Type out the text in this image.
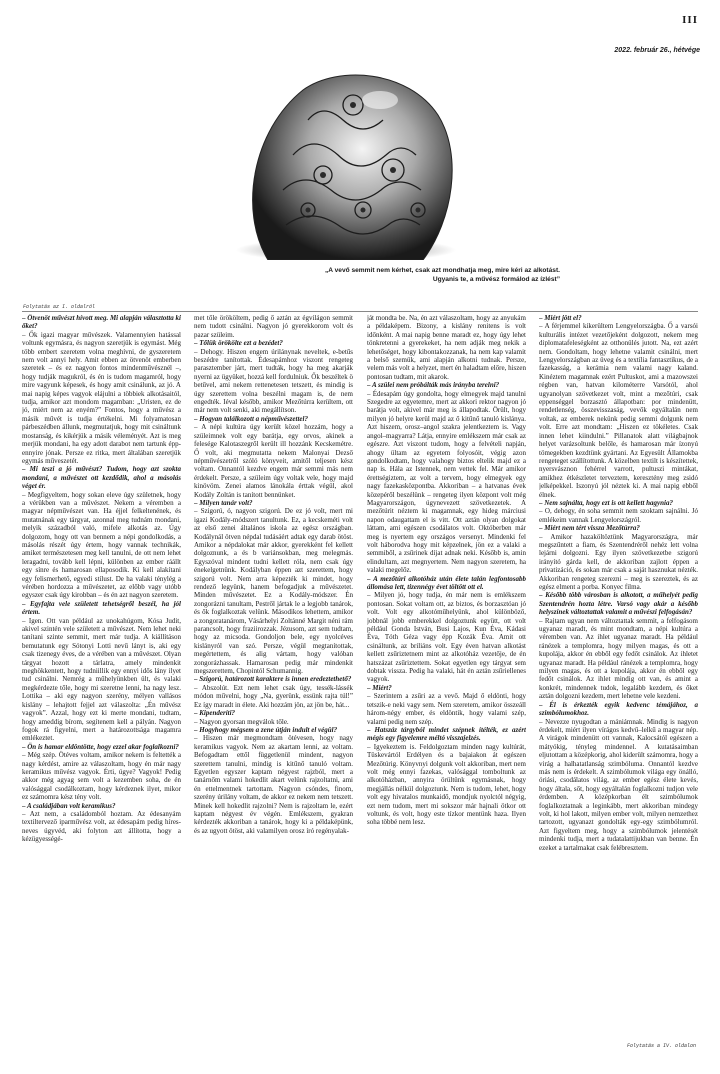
III
2022. február 26., hétvége
„A vevő semmit nem kérhet, csak azt mondhatja meg, mire kéri az alkotást.
Ugyanis te, a művész formálod az ízlést”
Folytatás az I. oldalról

– Ötvenöt művészt hívott meg. Mi alapján választotta ki őket?

– Ők igazi magyar művészek. Valamennyien hatással voltunk egymásra, és nagyon szeretjük is egymást. Még több embert szeretem volna meghívni, de gyszeretem nem volt annyi hely. Amit ebben az ötvenöt emberben szeretek – és ez nagyon fontos mindenművésznél –, hogy tudják magukról, és én is tudom magamról, hogy mire vagyunk képesek, és hogy amit csinálunk, az jó. A mai napig képes vagyok elájulni a többiek alkotásaitól, tudja, amikor azt mondom magamban: „Uristen, ez de jó, miért nem az enyém?” Fontos, hogy a művész a másik művét is tudja értékelni. Mi folyamatosan párbeszédben állunk, megmutatjuk, hogy mit csináltunk mostanság, és kikérjük a másik véleményét. Azt is meg merjük mondani, ha egy adott darabot nem tartunk épp-ennyire jónak. Persze ez ritka, mert általában szeretjük egymás műveszetét.

– Mi teszi a jó művészt? Tudom, hogy azt szokta mondani, a művészet ott kezdődik, ahol a másolás véget ér.

– Megfigyeltem, hogy sokan eleve úgy születnek, hogy a vérükben van a művészet. Nekem a véremben a magyar népművészet van. Ha éjjel felkeltenének, és mutatnának egy tárgyat, azonnal meg tudnám mondani, melyik századból való, mifele alkotás az. Úgy dolgozom, hogy ott van bennem a népi gondolkodás, a másolás részét úgy értem, hogy vannak technikák, amiket természetesen meg kell tanulni, de ott nem lehet leragadni, tovább kell lépni, különben az ember ráállt egy sínre és hamarosan ellaposodik. Ki kell alakítani egy felismerhető, egyedi stílust. De ha valaki ténylég a vérében hordozza a művészetet, az előbb vagy utóbb egyszer csak úgy kirobban – és én azt nagyon szeretem.

– Egyfajta vele született tehetségről beszél, ha jól értem.

– Igen. Ott van például az unokahúgom, Kósa Judit, akivel szintén vele született a művészet. Nem lehet neki tanítani szinte semmit, mert már tudja. A kiállításon bemutatunk egy Sótonyi Lotti nevű lányt is, aki egy csak tizenegy éves, de a vérében van a művészet. Olyan tárgyat hozott a tárlatra, amely mindenkit meghökkentett, hogy tudniillik egy ennyi idős lány ilyet tud csinálni. Nemrég a műhelyünkben ült, és valaki megkérdezte tőle, hogy mi szeretne lenni, ha nagy lesz. Lottika – aki egy nagyon szerény, mélyen vallásos kislány – lehajtott fejjel azt válaszolta: „Én művész vagyok”. Azzal, hogy ezt ki merte mondani, tudtam, hogy ameddig bírom, segítenem kell a pályán. Nagyon fogok rá figyelni, mert a határozottsága magamra emlékeztet.

– Ön is hamar eldöntötte, hogy ezzel akar foglalkozni?

– Még szép. Ötéves voltam, amikor nekem is feltették a nagy kérdést, amire az válaszoltam, hogy én már nagy keramikus művész vagyok. Érti, úgye? Vagyok! Pedig akkor még agyag sem volt a kezemben soha, de én valósággal csodálkoztam, hogy kérdeznek ilyet, mikor ez számomra kész tény volt.

– A családjában volt keramikus?

– Azt nem, a családomból hoztam. Az édesanyám textiltervező iparművész volt, az édesapám pedig híres-neves úgyvéd, aki folyton azt állította, hogy a kézügyességé-

met tőle örököltem, pedig ő aztán az égvilágon semmit nem tudott csinálni. Nagyon jó gyerekkorom volt és pazar szüleim.

– Tőlük örökölte ezt a bezédet?

– Dehogy. Hiszen engem úrilánynak neveltek, e-betűs beszédre tanítottak. Édesapámhoz viszont rengeteg parasztember járt, mert tudták, hogy ha meg akarják nyerni az ügyüket, hozzá kell fordulniuk. Ők beszéltek ö betűvel, ami nekem rettenetesen tetszett, és mindig is úgy szerettem volna beszélni magam is, de nem engedték. Iéval később, amikor Mezőtúrra kerültem, ott már nem volt senki, aki megállítson.

– Hogyan találkozott a népművészettel?

– A népi kultúra úgy került közel hozzám, hogy a szüleimnek volt egy barátja, egy orvos, akinek a felesége Kalotaszegről került ill hozzánk Kecskemétre. Ő volt, aki megmutatta nekem Malonyai Dezső népművészetről szóló könyveit, amitől teljesen kész voltam. Onnantól kezdve engem már semmi más nem érdekelt. Persze, a szüleim úgy voltak vele, hogy majd kinövöm. Zenei alamos lánokála érttak végül, akol Kodály Zoltán is tanított bennünket.

– Milyen tanár volt?

– Szigorú, ó, nagyon szigorú. De ez jó volt, mert mi igazi Kodály-módszert tanultunk. Ez, a kecskeméti volt az első zenei általános iskola az egész országban. Kodálynál ötven népdal tudásáért adtak egy darab ötöst. Amikor a népdalokat már akkor, gyerekként fel kellett dolgoznunk, a és b variánsokban, meg melegmás. Egyszóval mindent tudni kellett róla, nem csak úgy énekelgetnünk. Kodályban éppen azt szerettem, hogy szigorú volt. Nem arra képezték ki mindet, hogy rendező legyünk, hanem befogadjuk a művészetet. Minden művészetet. Ez a Kodály-módszer. Én zongorázni tanultam, Pestről jártak le a legjobb tanárok, és ők foglalkoztak velünk. Másodikos lehettem, amikor a zongoratanárom, Vásárhelyi Zoltánné Margit néni rám parancsolt, hogy fraziirozzak. Jézusom, azt sem tudtam, hogy az micsoda. Gondoljon bele, egy nyolcéves kislányról van szó. Persze, végül megtanítottak, megértettem, és alig vártam, hogy valóban zongorázhassak. Hamarosan pedig már mindenkit megszerettem, Chopintól Schumannig.

– Szigorú, határozott karaktere is innen eredeztethető?

– Abszolút. Ezt nem lehet csak úgy, tessék-lássék módon művelni, hogy „Na, gyerünk, essünk rajta túl!” Ez így maradt in élete. Aki hozzám jön, az jön be, hát...

– Kipenderíti?

– Nagyon gyorsan megválok tőle.

– Hogyhogy mégsem a zene útján indult el végül?

– Hiszen már megmondtam ötévesen, hogy nagy keramikus vagyok. Nem az akartam lenni, az voltam. Befogadtam ettől függetlenül mindent, nagyon szerettem tanulni, mindig is kitűnő tanuló voltam. Egyetlen egyszer kaptam négyest rajzból, mert a tanárnőm valami hokedlit akart velünk rajzoltatni, ami én ettelmentnek tartottam. Nagyon csóndes, finom, szerény úrilány voltam, de akkor ez nekem nem tetszett. Minek kell hokedlit rajzolni? Nem is rajzoltam le, ezért kaptam négyest év végén. Emlékszem, gyakran kérdezték akkoriban a tanárok, hogy ki a példaképünk, és az ugyott ötöst, aki valamilyen orosz író regényalak-

ját mondta be. Na, én azt válaszoltam, hogy az anyukám a példaképem. Bizony, a kislány renitens is volt időnként. A mai napig benne maradt ez, hogy úgy lehet tönkretenni a gyerekeket, ha nem adják meg nekik a lehetőséget, hogy kibontakozzanak, ha nem kap valamit a belső szemük, ami alapján alkotni tudnak. Persze, velem más volt a helyzet, mert én haladtam előre, hiszen pontosan tudtam, mit akarok.

– A szülei nem próbálták más irányba terelni?

– Édesapám úgy gondolta, hogy elmegyek majd tanulni Szegedre az egyetemre, mert az akkori rektor nagyon jó barátja volt, akivel már meg is állapodtak. Örült, hogy milyen jó helyre kerül majd az ő kitűnő tanuló kislánya. Azt hiszem, orosz–angol szakra jelentkeztem is. Vagy angol–magyarra? Látja, ennyire emlékszem már csak az egészre. Azt viszont tudom, hogy a felvételi napján, ahogy ültam az egyetem folyosóit, végig azon gondolkodtam, hogy valahogy biztos eltelik majd ez a nap is. Hála az Istennek, nem vettek fel. Már amikor érettségiztem, az volt a tervem, hogy elmegyek egy nagy fazekasközpontba. Akkoriban – a hatvanas évek közepéről beszélünk – rengeteg ilyen központ volt még Magyarországon, úgynevezett szövetkezetek. A mezőtúrit néztem ki magamnak, egy hideg márciusi napon odaugattam el is vitt. Ott aztán olyan dolgokat láttam, ami egészen csodálatos volt. Októberben már meg is nyertem egy országos versenyt. Mindenki fel volt háborodva hogy mit képzelnek, jön ez a valaki a semmiből, a zsűrinek díjat adnak neki. Később is, amin elindultam, azt megnyertem. Nem nagyon szeretem, ha valaki megelőz.

– A mezőtúri alkotóház után élete talán legfontosabb állomása lett, tizennégy évet töltött ott el.

– Milyen jó, hogy tudja, én már nem is emlékszem pontosan. Sokat voltam ott, az biztos, és borzasztóan jó volt. Volt egy alkotóműhelyünk, ahol különböző, jobbnál jobb emberekkel dolgoztunk együtt, ott volt például Gonda István, Busi Lajos, Kun Éva, Kádasi Éva, Tóth Géza vagy épp Kozák Éva. Amit ott csináltunk, az briliáns volt. Egy éven hatvan alkotást kellett zsűriztetnem mint az alkotóház vezetője, de én hatszázat zsűriztettem. Sokat egyetlen egy tárgyat sem dobtak vissza. Pedig ha valaki, hát én aztán zsűriellenes vagyok.

– Miért?

– Szerintem a zsűri az a vevő. Majd ő eldönti, hogy tetszik-e neki vagy sem. Nem szeretem, amikor összeáll három-négy ember, és eldöntik, hogy valami szép, valami pedig nem szép.

– Hatszáz tárgyból mindet szépnek ítélték, ez azért mégis egy figyelemre méltó visszajelzés.

– Igyekeztem is. Feldolgoztam minden nagy kultúrát, Tüskevártól Erdélyen és a bajaiakon át egészen Mezőtúrig. Könyvnyi dolgunk volt akkoriban, mert nem volt még ennyi fazekas, valósággal tomboltunk az alkotóházban, annyira örültünk egymásnak, hogy megjállás nélkül dolgoztunk. Nem is tudom, lehet, hogy volt egy hivatalos munkaidő, mondjuk nyolctól négyig, ezt nem tudom, mert mi sokszor már hajnali ötkor ott voltunk, és volt, hogy este tízkor mentünk haza. Ilyen soha többé nem lesz.

– Miért jött el?

– A férjemmel kikerültem Lengyelországba. Ő a varsói kulturális intézet vezetőjeként dolgozott, nekem meg diplomatafeleségként az otthonülés jutott. Na, ezt azért nem. Gondoltam, hogy lehetne valamit csinálni, mert Lengyelországban az üveg és a textília fantasztikus, de a fazekasság, a kerámia nem valami nagy kaland. Kinéztem magamnak ezért Pultuskot, ami a mazowszei régben van, hatvan kilométerre Varsótól, ahol ugyanolyan szövetkezet volt, mint a mezőtúri, csak eppenséggel borzasztó állapotban: por mindenütt, rendetlenség, összevisszaság, vevők egyáltalán nem voltak, az emberek nekünk pedig semmi dolgunk nem volt. Erre azt mondtam: „Hiszen ez tökéletes. Csak innen lehet kiindulni.” Pillanatok alatt világbajnok helyet varázsoltunk belőle, és hamarosan már ízonyú tömegekben kezdtünk gyártani. Az Egyesült Államokba rengeteget szállítottunk. A közelben textilt is készítettek, nyersvásznon fehérrel varrott, pultuszi mintákat, amikhez étkészletet terveztem, keresztény meg zsidó jelképekkel. Iszonyú jól néztek ki. A mai napig ebből élnek.

– Nem sajnálta, hogy ezt is ott kellett hagynia?

– O, dehogy, én soha semmit nem szoktam sajnálni. Jó emlékeim vannak Lengyelországról.

– Miért nem tért vissza Mezőtúrra?

– Amikor hazaköltöztünk Magyarországra, már megszűntett a fiam, és Szentendréről nehéz lett volna lejárni dolgozni. Egy ilyen szövetkezetbe szigorú irányító gárda kell, de akkoriban zajlott éppen a privatizáció, és sokan már csak a saját hasznukat nézték. Akkoriban rengeteg szerezni – meg is szereztek, és az egész elment a porba. Konyec filma.

– Később több városban is alkotott, a műhelyét pedig Szentendrén hozta létre. Varsó vagy akár a később helyszínek változtattak valamit a művészi felfogásán?

– Rajtam ugyan nem változtattak semmit, a felfogásom ugyanaz maradt, és mint mondtam, a népi kultúra a véremben van. Az ihlet ugyanaz maradt. Ha például ránézek a templomra, hogy milyen magas, és ott a kupolája, akkor én ebből egy fedőt csinálok. Az ihletet ugyanaz maradt. Ha például ránézek a templomra, hogy milyen magas, és ott a kupolája, akkor én ebből egy fedőt csinálok. Az ihlet mindig ott van, és amint a konkrét, mindennek tudok, legalább kezdem, és őket aztán dolgozni kezdem, mert lehetne vele kezdeni.

– Él is érkezték egyik kedvenc témájához, a szimbólumokhoz.

– Nevezze nyugodtan a mániámnak. Mindig is nagyon érdekelt, miért ilyen vírágos kedvű–lelkű a magyar nép. A virágok mindenütt ott vannak, Kalocsától egészen a mátyókig, tényleg mindennel. A kutatásaimban eljutottam a középkorig, ahol kiderült számomra, hogy a virág a halhatatlanság szimbóluma. Onnantól kezdve más nem is érdekelt. A szimbólumok világa egy önálló, óriási, csodálatos világ, az ember egész élete kevés, hogy általa, sőt, hogy egyáltalán foglalkozni tudjon vele érdemben. A középkorban élt szimbólumok foglalkoztatnak a leginkább, mert akkoriban mindegy volt, ki hol lakott, milyen ember volt, milyen nemzethez tartozott, ugyanazt gondolták egy-egy szimbólumról. Azt figyeltem meg, hogy a szimbólumok jelentését mindenki tudja, mert a tudatalattijukban van benne. Én ezeket a tartalmakat csak felébresztem.

Folytatás a IV. oldalon
